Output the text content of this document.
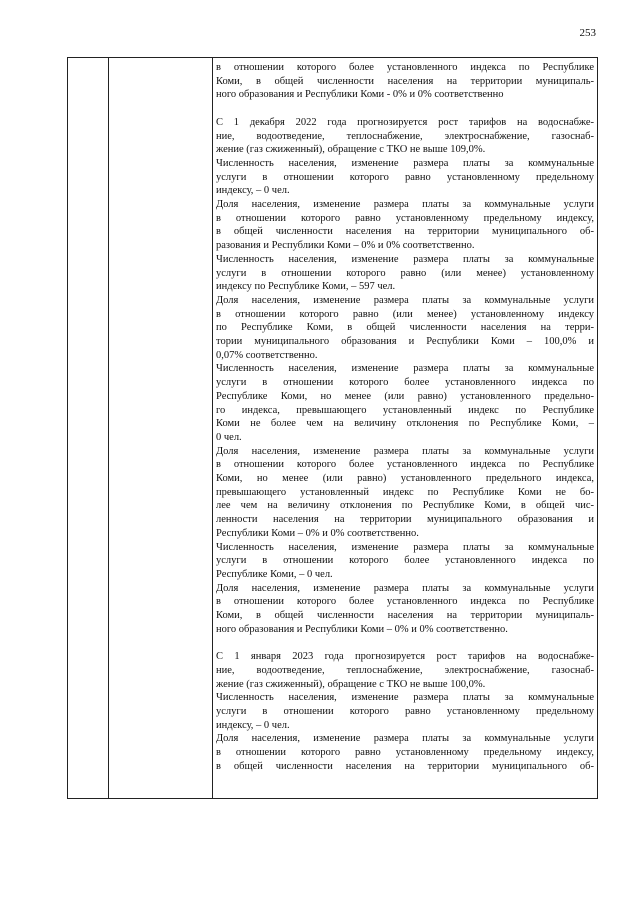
253
в отношении которого более установленного индекса по Республике
Коми, в общей численности населения на территории муниципаль-
ного образования и Республики Коми - 0% и 0% соответственно
С 1 декабря 2022 года прогнозируется рост тарифов на водоснабже-
ние, водоотведение, теплоснабжение, электроснабжение, газоснаб-
жение (газ сжиженный), обращение с ТКО не выше 109,0%.
Численность населения, изменение размера платы за коммунальные
услуги в отношении которого равно установленному предельному
индексу, – 0 чел.
Доля населения, изменение размера платы за коммунальные услуги
в отношении которого равно установленному предельному индексу,
в общей численности населения на территории муниципального об-
разования и Республики Коми – 0% и 0% соответственно.
Численность населения, изменение размера платы за коммунальные
услуги в отношении которого равно (или менее) установленному
индексу по Республике Коми, – 597 чел.
Доля населения, изменение размера платы за коммунальные услуги
в отношении которого равно (или менее) установленному индексу
по Республике Коми, в общей численности населения на терри-
тории муниципального образования и Республики Коми – 100,0% и
0,07% соответственно.
Численность населения, изменение размера платы за коммунальные
услуги в отношении которого более установленного индекса по
Республике Коми, но менее (или равно) установленного предельно-
го индекса, превышающего установленный индекс по Республике
Коми не более чем на величину отклонения по Республике Коми, –
0 чел.
Доля населения, изменение размера платы за коммунальные услуги
в отношении которого более установленного индекса по Республике
Коми, но менее (или равно) установленного предельного индекса,
превышающего установленный индекс по Республике Коми не бо-
лее чем на величину отклонения по Республике Коми, в общей чис-
ленности населения на территории муниципального образования и
Республики Коми – 0% и 0% соответственно.
Численность населения, изменение размера платы за коммунальные
услуги в отношении которого более установленного индекса по
Республике Коми, – 0 чел.
Доля населения, изменение размера платы за коммунальные услуги
в отношении которого более установленного индекса по Республике
Коми, в общей численности населения на территории муниципаль-
ного образования и Республики Коми – 0% и 0% соответственно.
С 1 января 2023 года прогнозируется рост тарифов на водоснабже-
ние, водоотведение, теплоснабжение, электроснабжение, газоснаб-
жение (газ сжиженный), обращение с ТКО не выше 100,0%.
Численность населения, изменение размера платы за коммунальные
услуги в отношении которого равно установленному предельному
индексу, – 0 чел.
Доля населения, изменение размера платы за коммунальные услуги
в отношении которого равно установленному предельному индексу,
в общей численности населения на территории муниципального об-
